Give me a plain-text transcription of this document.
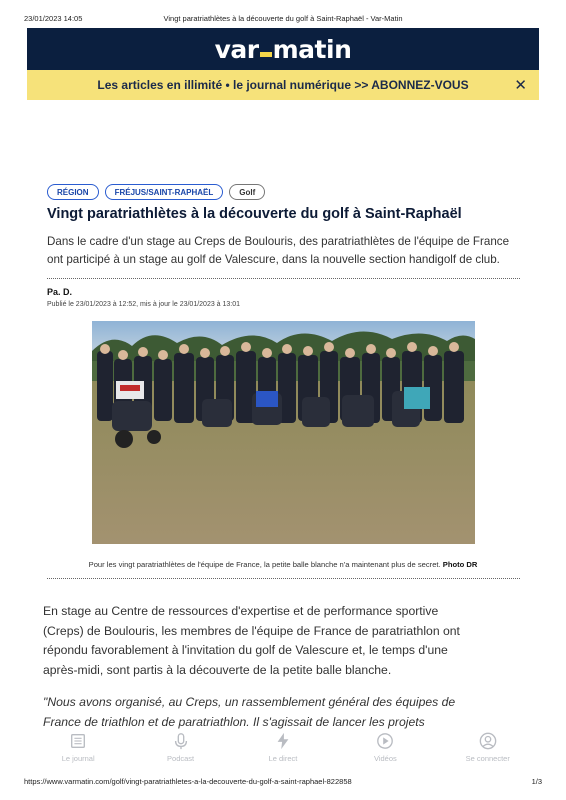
23/01/2023 14:05	Vingt paratriathlètes à la découverte du golf à Saint-Raphaël - Var-Matin
var matin
Les articles en illimité • le journal numérique >> ABONNEZ-VOUS	✕
RÉGION	FRÉJUS/SAINT-RAPHAËL	Golf
Vingt paratriathlètes à la découverte du golf à Saint-Raphaël

Dans le cadre d'un stage au Creps de Boulouris, des paratriathlètes de l'équipe de France ont participé à un stage au golf de Valescure, dans la nouvelle section handigolf de club.

Pa. D.
Publié le 23/01/2023 à 12:52, mis à jour le 23/01/2023 à 13:01
Pour les vingt paratriathlètes de l'équipe de France, la petite balle blanche n'a maintenant plus de secret. Photo DR

En stage au Centre de ressources d'expertise et de performance sportive (Creps) de Boulouris, les membres de l'équipe de France de paratriathlon ont répondu favorablement à l'invitation du golf de Valescure et, le temps d'une après-midi, sont partis à la découverte de la petite balle blanche.

"Nous avons organisé, au Creps, un rassemblement général des équipes de France de triathlon et de paratriathlon. Il s'agissait de lancer les projets

Le journal	Podcast	Le direct	Vidéos	Se connecter
https://www.varmatin.com/golf/vingt-paratriathletes-a-la-decouverte-du-golf-a-saint-raphael-822858	1/3
